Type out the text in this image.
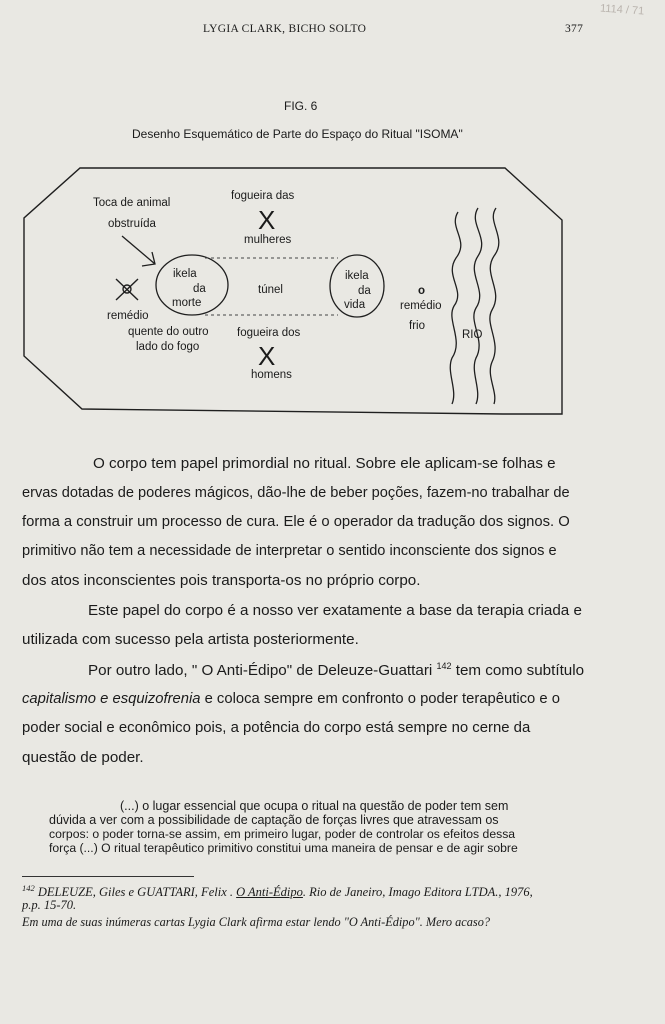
LYGIA CLARK, BICHO SOLTO	377
1114 / 71
FIG. 6
Desenho Esquemático de Parte do Espaço do Ritual "ISOMA"
Toca de animal
obstruída
fogueira das
X
mulheres
ikela
da
morte
túnel
ikela
da
vida
o
remédio
frio
RIO
remédio
quente do outro
lado do fogo
fogueira dos
X
homens
O corpo tem papel primordial no ritual. Sobre ele aplicam-se folhas e
ervas dotadas de poderes mágicos, dão-lhe de beber poções, fazem-no trabalhar de
forma a construir um processo de cura. Ele é o operador da tradução dos signos. O
primitivo não tem a necessidade de interpretar o sentido inconsciente dos signos e
dos atos inconscientes pois transporta-os no próprio corpo.
Este papel do corpo é a nosso ver exatamente a base da terapia criada e
utilizada com sucesso pela artista posteriormente.
Por outro lado, " O Anti-Édipo" de Deleuze-Guattari $^{142}$ tem como subtítulo
capitalismo e esquizofrenia e coloca sempre em confronto o poder terapêutico e o
poder social e econômico pois, a potência do corpo está sempre no cerne da
questão de poder.
(...) o lugar essencial que ocupa o ritual na questão de poder tem sem
dúvida a ver com a possibilidade de captação de forças livres que atravessam os
corpos: o poder torna-se assim, em primeiro lugar, poder de controlar os efeitos dessa
força (...) O ritual terapêutico primitivo constitui uma maneira de pensar e de agir sobre
$^{142}$ DELEUZE, Giles e GUATTARI, Felix . O Anti-Édipo. Rio de Janeiro, Imago Editora LTDA., 1976,
p.p. 15-70.
Em uma de suas inúmeras cartas Lygia Clark afirma estar lendo "O Anti-Édipo". Mero acaso?
